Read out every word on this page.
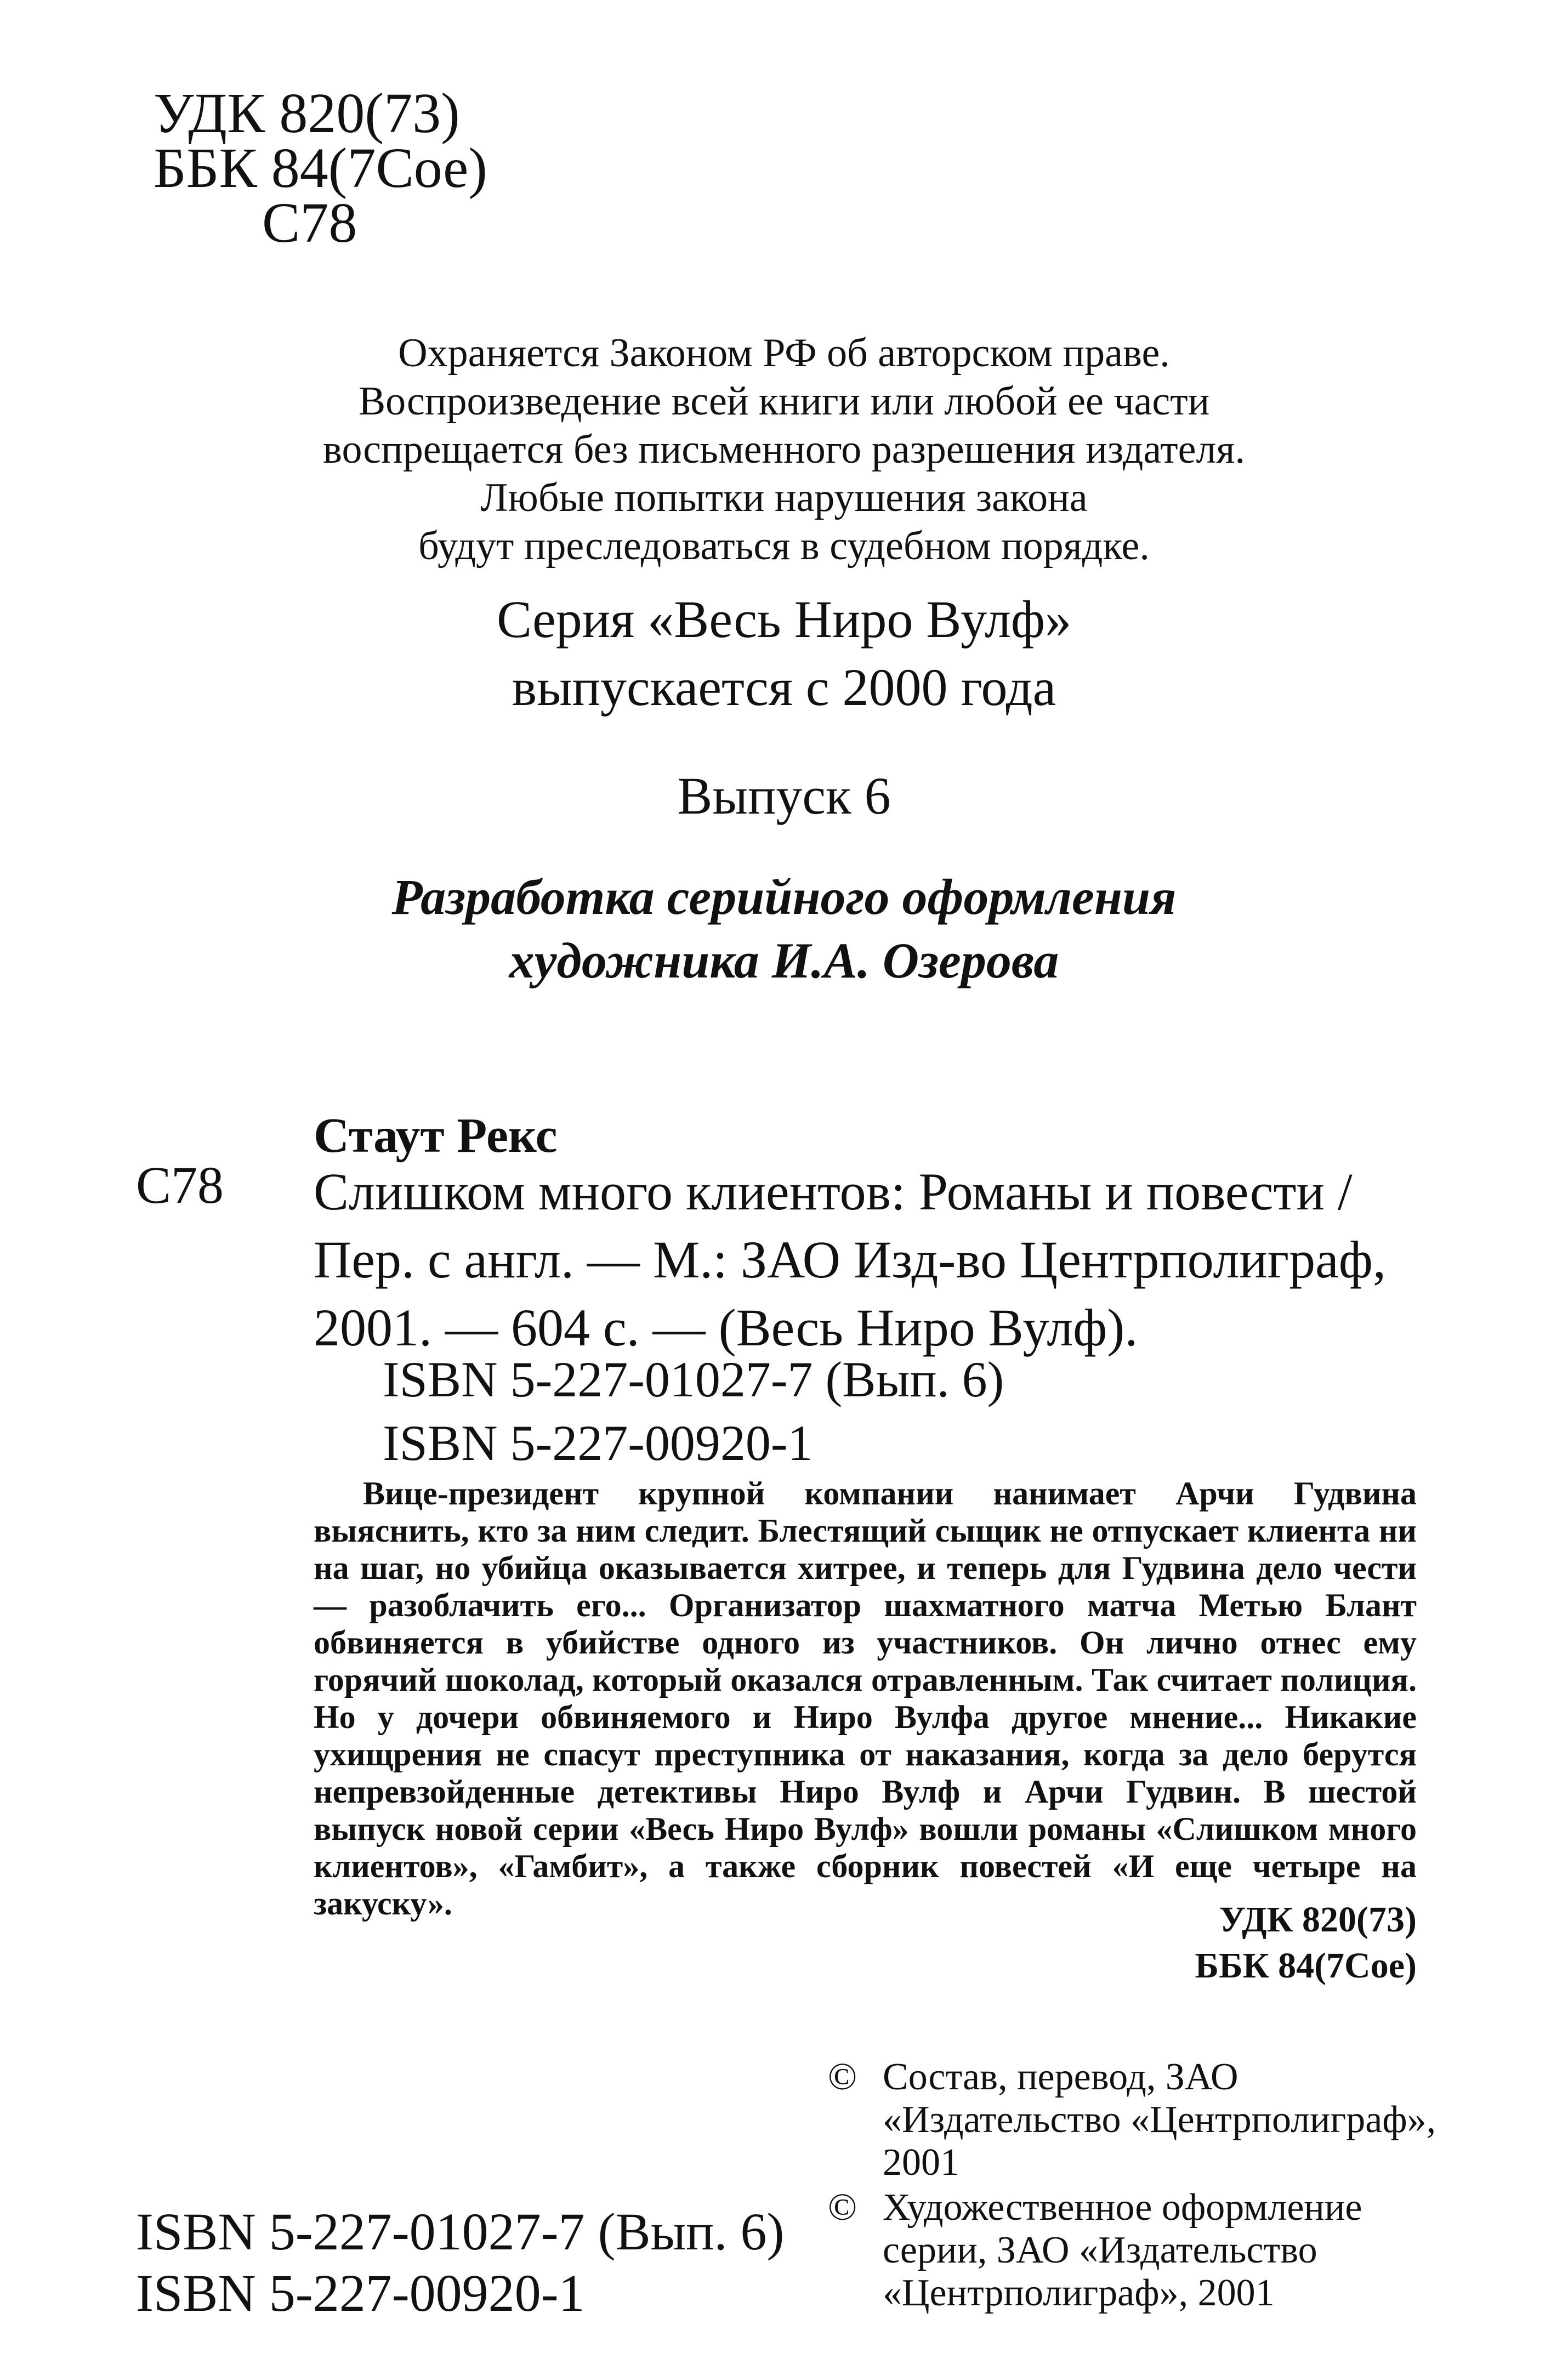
УДК 820(73)
ББК 84(7Сое)
С78
Охраняется Законом РФ об авторском праве.
Воспроизведение всей книги или любой ее части
воспрещается без письменного разрешения издателя.
Любые попытки нарушения закона
будут преследоваться в судебном порядке.
Серия «Весь Ниро Вулф»
выпускается с 2000 года
Выпуск 6
Разработка серийного оформления
художника И.А. Озерова
Стаут Рекс
С78 Слишком много клиентов: Романы и повести /
Пер. с англ. — М.: ЗАО Изд-во Центрполиграф,
2001. — 604 с. — (Весь Ниро Вулф).
ISBN 5-227-01027-7 (Вып. 6)
ISBN 5-227-00920-1
Вице-президент крупной компании нанимает Арчи Гудвина выяснить, кто за ним следит. Блестящий сыщик не отпускает клиента ни на шаг, но убийца оказывается хитрее, и теперь для Гудвина дело чести — разоблачить его... Организатор шахматного матча Метью Блант обвиняется в убийстве одного из участников. Он лично отнес ему горячий шоколад, который оказался отравленным. Так считает полиция. Но у дочери обвиняемого и Ниро Вулфа другое мнение... Никакие ухищрения не спасут преступника от наказания, когда за дело берутся непревзойденные детективы Ниро Вулф и Арчи Гудвин. В шестой выпуск новой серии «Весь Ниро Вулф» вошли романы «Слишком много клиентов», «Гамбит», а также сборник повестей «И еще четыре на закуску».	УДК 820(73)
ББК 84(7Сое)
© Состав, перевод, ЗАО «Издательство «Центрполиграф», 2001
© Художественное оформление серии, ЗАО «Издательство «Центрполиграф», 2001
ISBN 5-227-01027-7 (Вып. 6)
ISBN 5-227-00920-1
